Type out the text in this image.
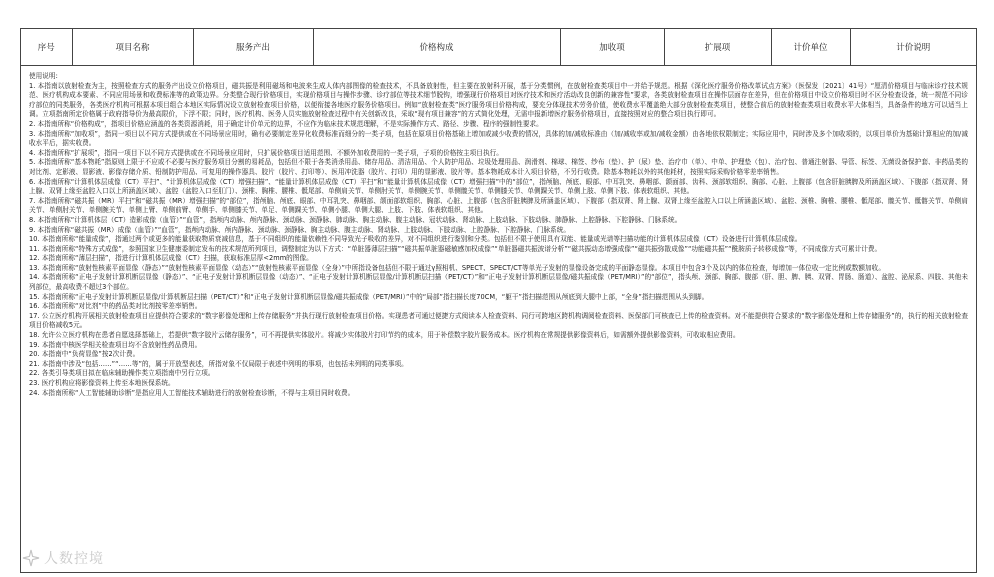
序号	项目名称	服务产出	价格构成	加收项	扩展项	计价单位	计价说明

使用说明:

1. 本指南以放射检查为主，按照检查方式的服务产出设立价格项目，磁共振是利用磁场和电波来生成人体内部图像的检查技术，不具备放射性，但主要在放射科开展，基于分类惯例，在放射检查类项目中一并给予规范。根据《深化医疗服务价格改革试点方案》（医保发〔2021〕41号）“厘清价格项目与临床诊疗技术规范、医疗机构成本要素、不同应用场景和收费标准等的政策边界。分类整合现行价格项目，实现价格项目与操作步骤、诊疗部位等技术细节脱钩，增强现行价格项目对医疗技术和医疗活动改良创新的兼容性”要求，各类放射检查项目在操作层面存在差异，但在价格项目中设立价格项目时不区分检查设备，统一规范不同诊疗部位的同类服务，各类医疗机构可根据本项目组合本地区实际情况设立放射检查项目价格，以便衔接各地医疗服务价格项目。例如“放射检查类”医疗服务项目价格构成，要充分体现技术劳务价值，使收费水平覆盖绝大部分放射检查类项目，使整合前后的放射检查类项目收费水平大体相当，具备条件的地方可以适当上调。立项指南所定价格属于政府指导价为最高限价，下浮不限；同时，医疗机构、医务人员实施放射检查过程中有关创新改良，采取“现有项目兼容”的方式简化处理，无需申报新增医疗服务价格项目，直接按照对应的整合项目执行即可。

2. 本指南所称“价格构成”，指项目价格应涵盖的各类资源消耗，用于确定计价单元的边界，不应作为临床技术规范理解，不是实际操作方式、路径、步骤、程序的强制性要求。

3. 本指南所称“加收项”，指同一项目以不同方式提供或在不同场景应用时，确有必要制定差异化收费标准而细分的一类子项，包括在原项目价格基础上增加或减少收费的情况，具体的加/减收标准由（加/减收率或加/减收金额）由各地依权限制定；实际应用中，同时涉及多个加收项的，以项目单价为基础计算相应的加/减收水平后，据实收费。

4. 本指南所称“扩展项”，指同一项目下以不同方式提供或在不同场景应用时，只扩展价格项目适用范围、不额外加收费用的一类子项，子项的价格按主项目执行。

5. 本指南所称“基本物耗”指原则上限于不应或不必要与医疗服务项目分割的易耗品，包括但不限于各类消杀用品、储存用品、清洁用品、个人防护用品、垃圾处理用品、润滑剂、棉球、棉签、纱布（垫）、护（尿）垫、治疗巾（单）、中单、护理垫（包）、治疗包、普通注射器、导管、标签、无菌设备保护套、非药品类的对比剂、定影液、显影液、影像存储介质、铅制防护用品、可复用的操作器具、胶片（胶片、打印等）、医用冲洗器（胶片、打印）用的显影液、胶片等。基本物耗成本计入项目价格，不另行收费。除基本物耗以外的其他耗材，按照实际采购价格零差率销售。

6. 本指南所称“计算机体层成像（CT）平扫”、“计算机体层成像（CT）增强扫描”、“能量计算机体层成像（CT）平扫”和“能量计算机体层成像（CT）增强扫描”中的“部位”，指颅脑、颅底、眼部、中耳乳突、鼻咽部、颌面部、齿科、颈部软组织、胸部、心脏、上腹部（包含肝脏胰脾及所涵盖区域）、下腹部（指双肾、肾上腺、双肾上缘至盆腔入口以上所涵盖区域）、盆腔（盆腔入口至肛门）、颈椎、胸椎、腰椎、骶尾部、单侧肩关节、单侧肘关节、单侧腕关节、单侧髋关节、单侧膝关节、单侧踝关节、单侧上肢、单侧下肢、体表软组织、其他。

7. 本指南所称“磁共振（MR）平扫”和“磁共振（MR）增强扫描”的“部位”，指颅脑、颅底、眼部、中耳乳突、鼻咽部、颌面部软组织、胸部、心脏、上腹部（包含肝脏胰脾及所涵盖区域）、下腹部（指双肾、肾上腺、双肾上缘至盆腔入口以上所涵盖区域）、盆腔、颈椎、胸椎、腰椎、骶尾部、髋关节、骶髂关节、单侧肩关节、单侧肘关节、单侧腕关节、单侧上臂、单侧前臂、单侧手、单侧膝关节、单足、单侧踝关节、单侧小腿、单侧大腿、上肢、下肢、体表软组织、其他。

8. 本指南所称“计算机体层（CT）造影成像（血管）”“血管”，指颅内动脉、颅内静脉、颈动脉、颈静脉、肺动脉、胸主动脉、腹主动脉、冠状动脉、肾动脉、上肢动脉、下肢动脉、肺静脉、上腔静脉、下腔静脉、门脉系统。

9. 本指南所称“磁共振（MR）成像（血管）”“血管”，指颅内动脉、颅内静脉、颈动脉、颈静脉、胸主动脉、腹主动脉、肾动脉、上肢动脉、下肢动脉、上腔静脉、下腔静脉、门脉系统。

10. 本指南所称“能量成像”，指通过两个或更多的能量获取物质衰减信息，基于不同组织的能量依赖性不同导致光子吸收的差异，对不同组织进行鉴别和分类。包括但不限于使用具有双能、能量或光谱等扫描功能的计算机体层成像（CT）设备进行计算机体层成像。

11. 本指南所称“特殊方式成像”，参照国家卫生健康委制定发布的技术规范所列项目，调整制定为以下方式：“单脏器薄层扫描”“磁共振单脏器磁敏感加权成像”“单脏器磁共振波谱分析”“磁共振动态增强成像”“磁共振弥散成像”“功能磁共振”“酰胺质子转移成像”等，不同成像方式可累计计费。

12. 本指南所称“薄层扫描”，指进行计算机体层成像（CT）扫描，获取标准层厚<2mm的图像。

13. 本指南所称“放射性核素平面显像（静态）”“放射性核素平面显像（动态）”“放射性核素平面显像（全身）”中所指设备包括但不限于通过γ照相机、SPECT、SPECT/CT等单光子发射的显像设备完成的平面静态显像。本项目中包含3个及以内的体位检查，每增加一体位收一定比例或数额加收。

14. 本指南所称“正电子发射计算机断层显像（静态）”、“正电子发射计算机断层显像（动态）”、“正电子发射计算机断层显像/计算机断层扫描（PET/CT）”和“正电子发射计算机断层显像/磁共振成像（PET/MRI）”的“部位”，指头颅、颈部、胸部、腹部（肝、胆、脾、胰、双肾、胃肠、肠道）、盆腔、泌尿系、四肢、其他未列部位，最高收费不超过3个部位。

15. 本指南所称“正电子发射计算机断层显像/计算机断层扫描（PET/CT）”和“正电子发射计算机断层显像/磁共振成像（PET/MRI）”中的“局部”指扫描长度70CM，“躯干”指扫描范围从颅底到大腿中上部，“全身”指扫描范围从头到脚。

16. 本指南所称“对比剂”中的药品类对比剂按零差率销售。

17. 公立医疗机构开展相关放射检查项目应提供符合要求的“数字影像处理和上传存储服务”并执行现行放射检查项目价格。实现患者可通过便捷方式阅读本人检查资料、同行可跨地区跨机构调阅检查资料、医保部门可核查已上传的检查资料。对不能提供符合要求的“数字影像处理和上传存储服务”的，执行的相关放射检查项目价格减收5元。

18. 允许公立医疗机构在患者自愿选择基础上，若提供“数字胶片云储存服务”，可不再提供实体胶片。将减少实体胶片打印节约的成本，用于补偿数字胶片服务成本。医疗机构在常规提供影像资料后，如需额外提供影像资料，可收取相应费用。

19. 本指南中核医学相关检查项目均不含放射性药品费用。

20. 本指南中“负荷显像”按2次计费。

21. 本指南中涉及“包括……”“……等”的，属于开放型表述，所指对象不仅局限于表述中列明的事项，也包括未列明的同类事项。

22. 各类引导类项目拟在临床辅助操作类立项指南中另行立项。

23. 医疗机构应将影像资料上传至本地医保系统。

24. 本指南所称“人工智能辅助诊断”是指应用人工智能技术辅助进行的放射检查诊断，不得与主项目同时收费。

人数控境
